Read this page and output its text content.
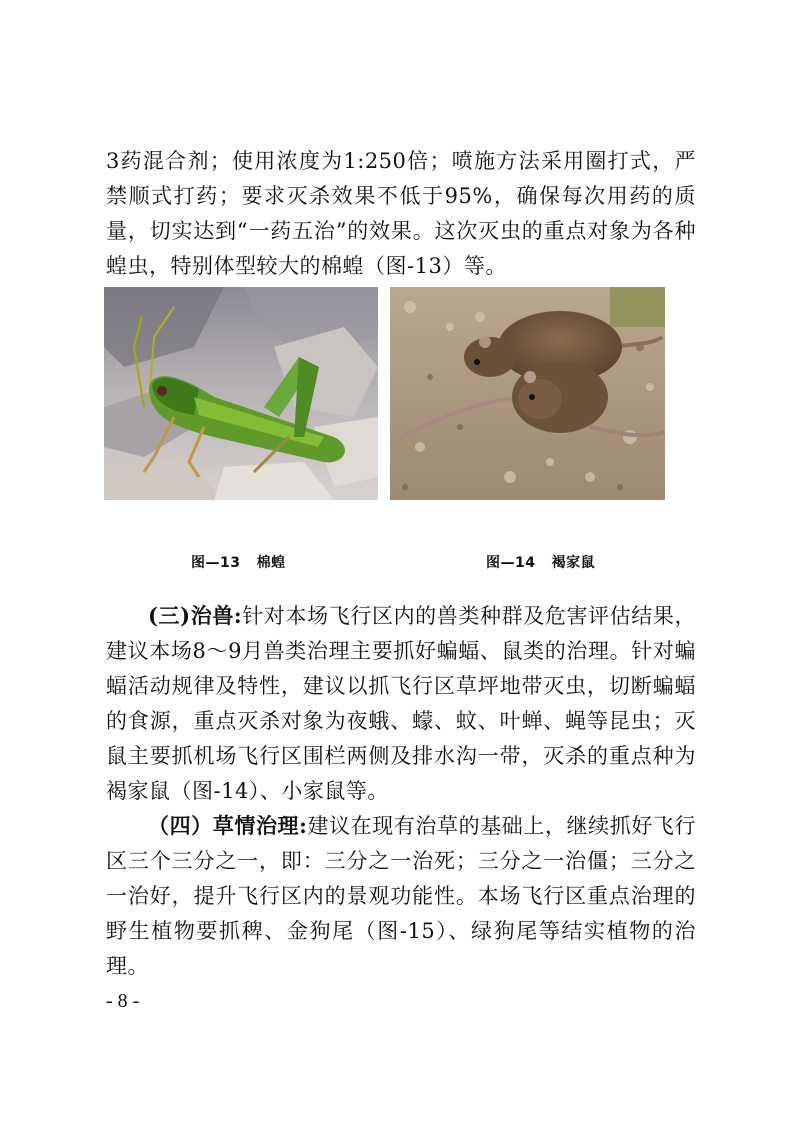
3药混合剂；使用浓度为1:250倍；喷施方法采用圈打式，严禁顺式打药；要求灭杀效果不低于95%，确保每次用药的质量，切实达到“一药五治”的效果。这次灭虫的重点对象为各种蝗虫，特别体型较大的棉蝗（图-13）等。

图—13   棉蝗	图—14   褐家鼠

(三)治兽:针对本场飞行区内的兽类种群及危害评估结果，建议本场8～9月兽类治理主要抓好蝙蝠、鼠类的治理。针对蝙蝠活动规律及特性，建议以抓飞行区草坪地带灭虫，切断蝙蝠的食源，重点灭杀对象为夜蛾、蠓、蚊、叶蝉、蝇等昆虫；灭鼠主要抓机场飞行区围栏两侧及排水沟一带，灭杀的重点种为褐家鼠（图-14）、小家鼠等。

（四）草情治理:建议在现有治草的基础上，继续抓好飞行区三个三分之一，即：三分之一治死；三分之一治僵；三分之一治好，提升飞行区内的景观功能性。本场飞行区重点治理的野生植物要抓稗、金狗尾（图-15）、绿狗尾等结实植物的治理。

- 8 -
